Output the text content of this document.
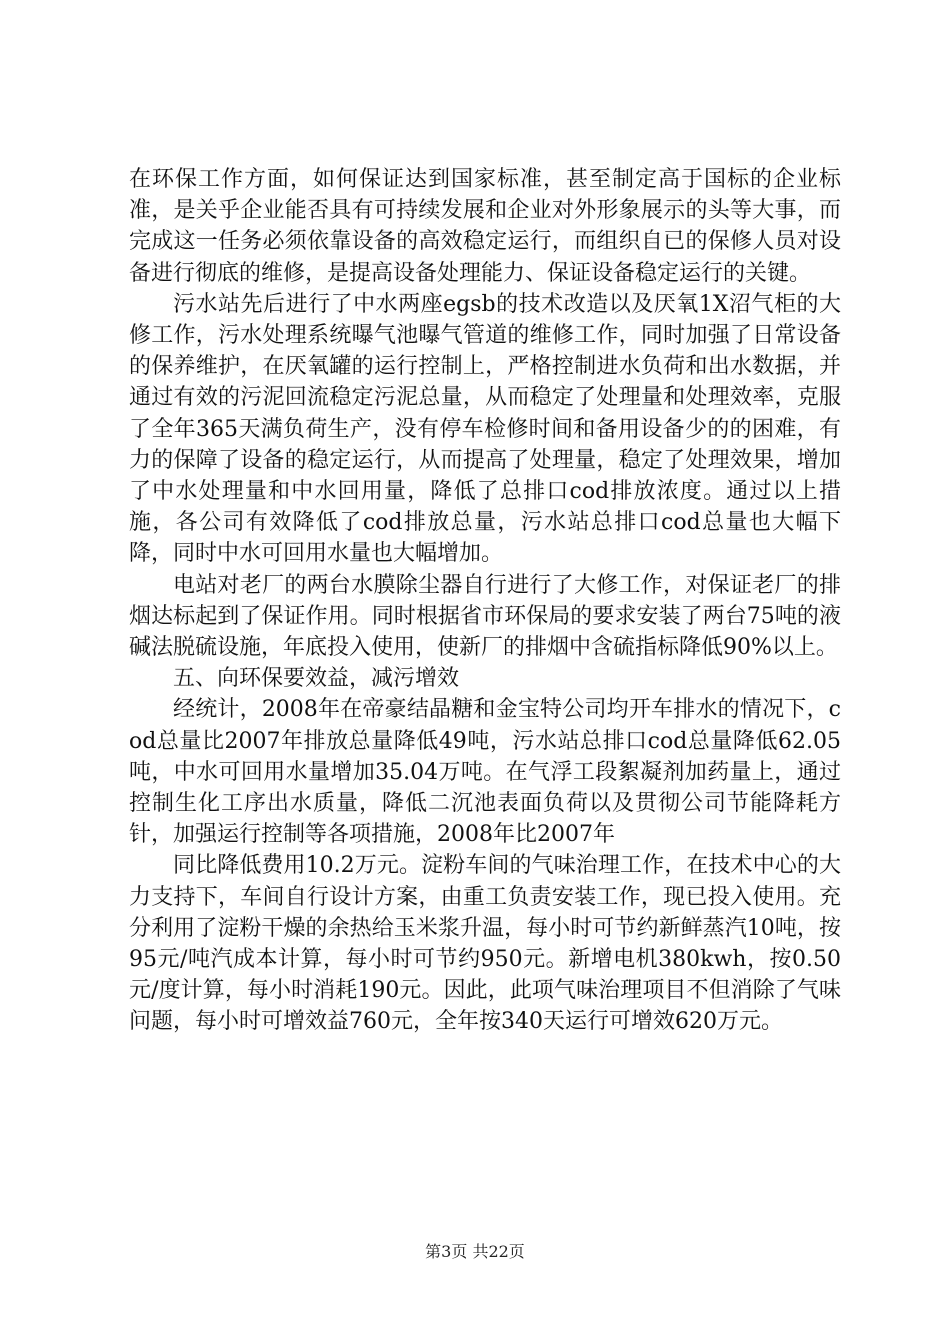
在环保工作方面，如何保证达到国家标准，甚至制定高于国标的企业标准，是关乎企业能否具有可持续发展和企业对外形象展示的头等大事，而完成这一任务必须依靠设备的高效稳定运行，而组织自已的保修人员对设备进行彻底的维修，是提高设备处理能力、保证设备稳定运行的关键。

污水站先后进行了中水两座egsb的技术改造以及厌氧1X沼气柜的大修工作，污水处理系统曝气池曝气管道的维修工作，同时加强了日常设备的保养维护，在厌氧罐的运行控制上，严格控制进水负荷和出水数据，并通过有效的污泥回流稳定污泥总量，从而稳定了处理量和处理效率，克服了全年365天满负荷生产，没有停车检修时间和备用设备少的的困难，有力的保障了设备的稳定运行，从而提高了处理量，稳定了处理效果，增加了中水处理量和中水回用量，降低了总排口cod排放浓度。通过以上措施，各公司有效降低了cod排放总量，污水站总排口cod总量也大幅下降，同时中水可回用水量也大幅增加。

电站对老厂的两台水膜除尘器自行进行了大修工作，对保证老厂的排烟达标起到了保证作用。同时根据省市环保局的要求安装了两台75吨的液碱法脱硫设施，年底投入使用，使新厂的排烟中含硫指标降低90%以上。

五、向环保要效益，减污增效

经统计，2008年在帝豪结晶糖和金宝特公司均开车排水的情况下，cod总量比2007年排放总量降低49吨，污水站总排口cod总量降低62.05吨，中水可回用水量增加35.04万吨。在气浮工段絮凝剂加药量上，通过控制生化工序出水质量，降低二沉池表面负荷以及贯彻公司节能降耗方针，加强运行控制等各项措施，2008年比2007年

同比降低费用10.2万元。淀粉车间的气味治理工作，在技术中心的大力支持下，车间自行设计方案，由重工负责安装工作，现已投入使用。充分利用了淀粉干燥的余热给玉米浆升温，每小时可节约新鲜蒸汽10吨，按95元/吨汽成本计算，每小时可节约950元。新增电机380kwh，按0.50元/度计算，每小时消耗190元。因此，此项气味治理项目不但消除了气味问题，每小时可增效益760元，全年按340天运行可增效620万元。

第3页 共22页
